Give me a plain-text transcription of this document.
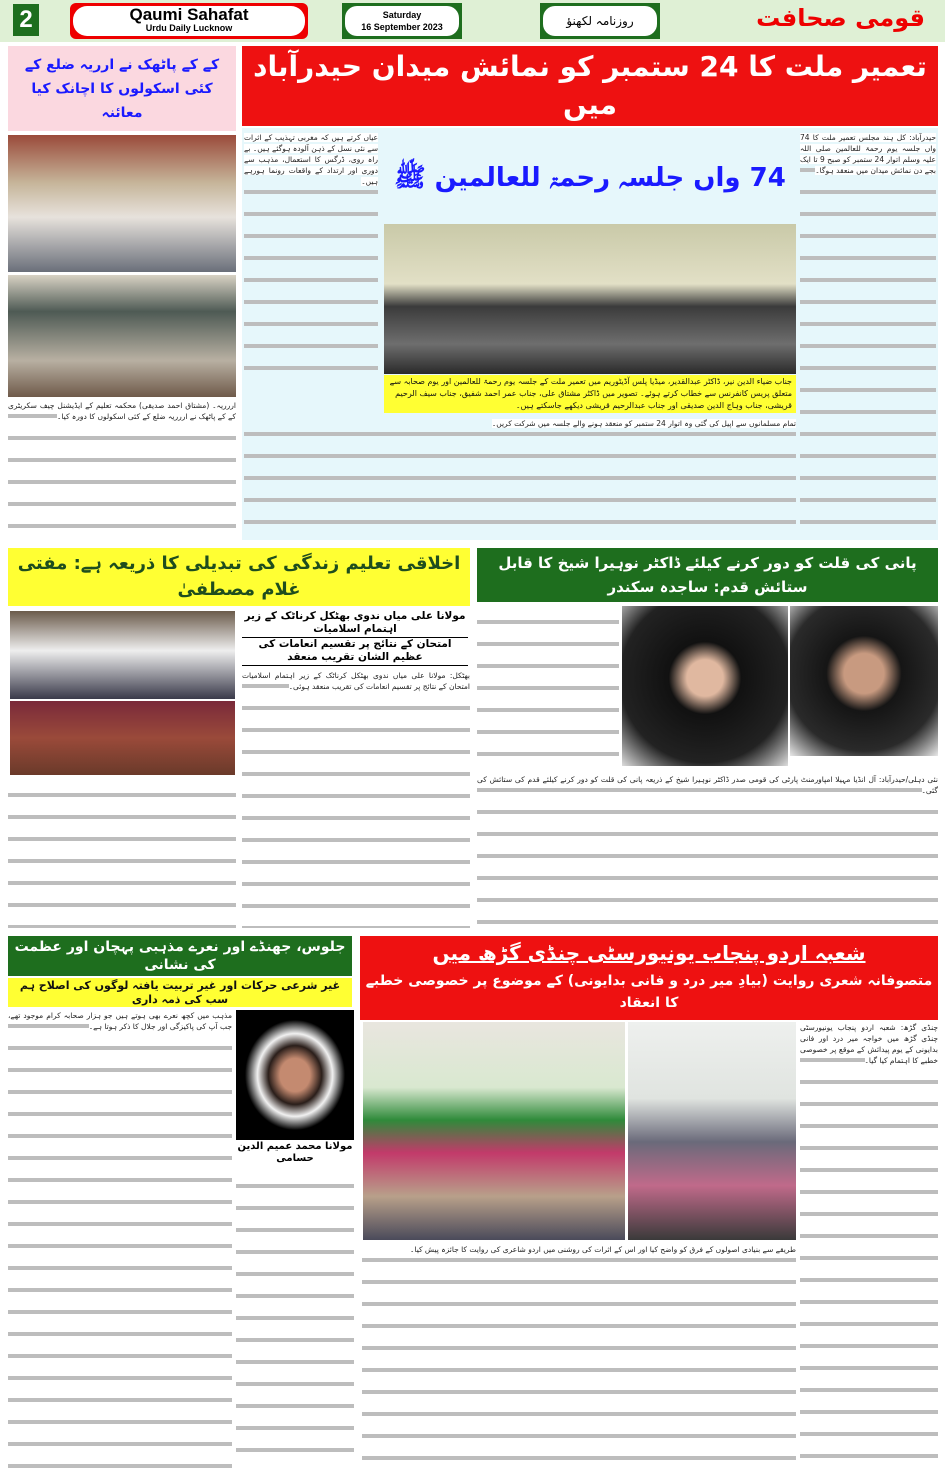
2	Qaumi Sahafat
Urdu Daily Lucknow
Saturday
16 September 2023	روزنامہ لکھنؤ	قومی صحافت
کے کے پاٹھک نے ارریہ ضلع کے کئی اسکولوں کا اچانک کیا معائنہ
اررریہ۔ (مشتاق احمد صدیقی) محکمہ تعلیم کے ایڈیشنل چیف سکریٹری کے کے پاٹھک نے اررریہ ضلع کے کئی اسکولوں کا دورہ کیا۔
تعمیر ملت کا 24 ستمبر کو نمائش میدان حیدرآباد میں
حیدرآباد: کل ہند مجلس تعمیر ملت کا 74 واں جلسہ یوم رحمۃ للعالمین صلی اللہ علیہ وسلم اتوار 24 ستمبر کو صبح 9 تا ایک بجے دن نمائش میدان میں منعقد ہوگا۔
عیاں کرتے ہیں کہ مغربی تہذیب کے اثرات سے نئی نسل کے ذہن آلودہ ہوگئے ہیں۔ بے راہ روی، ڈرگس کا استعمال، مذہب سے دوری اور ارتداد کے واقعات رونما ہورہے ہیں۔ 74 واں جلسہ رحمۃ للعالمین ﷺ
جناب ضیاء الدین نیر، ڈاکٹر عبدالقدیر، میڈیا پلس آڈیٹوریم میں تعمیر ملت کے جلسہ یوم رحمۃ للعالمین اور یوم صحابہ سے متعلق پریس کانفرنس سے خطاب کرتے ہوئے۔ تصویر میں ڈاکٹر مشتاق علی، جناب عمر احمد شفیق، جناب سیف الرحیم قریشی، جناب وہاج الدین صدیقی اور جناب عبدالرحیم قریشی دیکھے جاسکتے ہیں۔
تمام مسلمانوں سے اپیل کی گئی وہ اتوار 24 ستمبر کو منعقد ہونے والے جلسہ میں شرکت کریں۔
اخلاقی تعلیم زندگی کی تبدیلی کا ذریعہ ہے: مفتی غلام مصطفیٰ
مولانا علی میاں ندوی بھٹکل کرناٹک کے زیر اہتمام اسلامیات
امتحان کے نتائج پر تقسیم انعامات کی عظیم الشان تقریب منعقد
بھٹکل: مولانا علی میاں ندوی بھٹکل کرناٹک کے زیر اہتمام اسلامیات امتحان کے نتائج پر تقسیم انعامات کی تقریب منعقد ہوئی۔
پانی کی قلت کو دور کرنے کیلئے ڈاکٹر نوہیرا شیخ کا قابل ستائش قدم: ساجدہ سکندر
نئی دہلی/حیدرآباد: آل انڈیا مہیلا امپاورمنٹ پارٹی کی قومی صدر ڈاکٹر نوہیرا شیخ کے ذریعہ پانی کی قلت کو دور کرنے کیلئے قدم کی ستائش کی گئی۔
جلوس، جھنڈے اور نعرے مذہبی پہچان اور عظمت کی نشانی
غیر شرعی حرکات اور غیر تربیت یافتہ لوگوں کی اصلاح ہم سب کی ذمہ داری
مولانا محمد عمیم الدین حسامی
مذہب میں کچھ نعرے بھی ہوتے ہیں جو ہزار صحابہ کرام موجود تھے، جب آپ کی پاکیزگی اور جلال کا ذکر ہوتا ہے۔
شعبہ اردو پنجاب یونیورسٹی چنڈی گڑھ میں
متصوفانہ شعری روایت (بیادِ میر درد و فانی بدایونی) کے موضوع پر خصوصی خطبے کا انعقاد
چنڈی گڑھ: شعبہ اردو پنجاب یونیورسٹی چنڈی گڑھ میں خواجہ میر درد اور فانی بدایونی کے یوم پیدائش کے موقع پر خصوصی خطبے کا اہتمام کیا گیا۔
طریقے سے بنیادی اصولوں کے فرق کو واضح کیا اور اس کے اثرات کی روشنی میں اردو شاعری کی روایت کا جائزہ پیش کیا۔
